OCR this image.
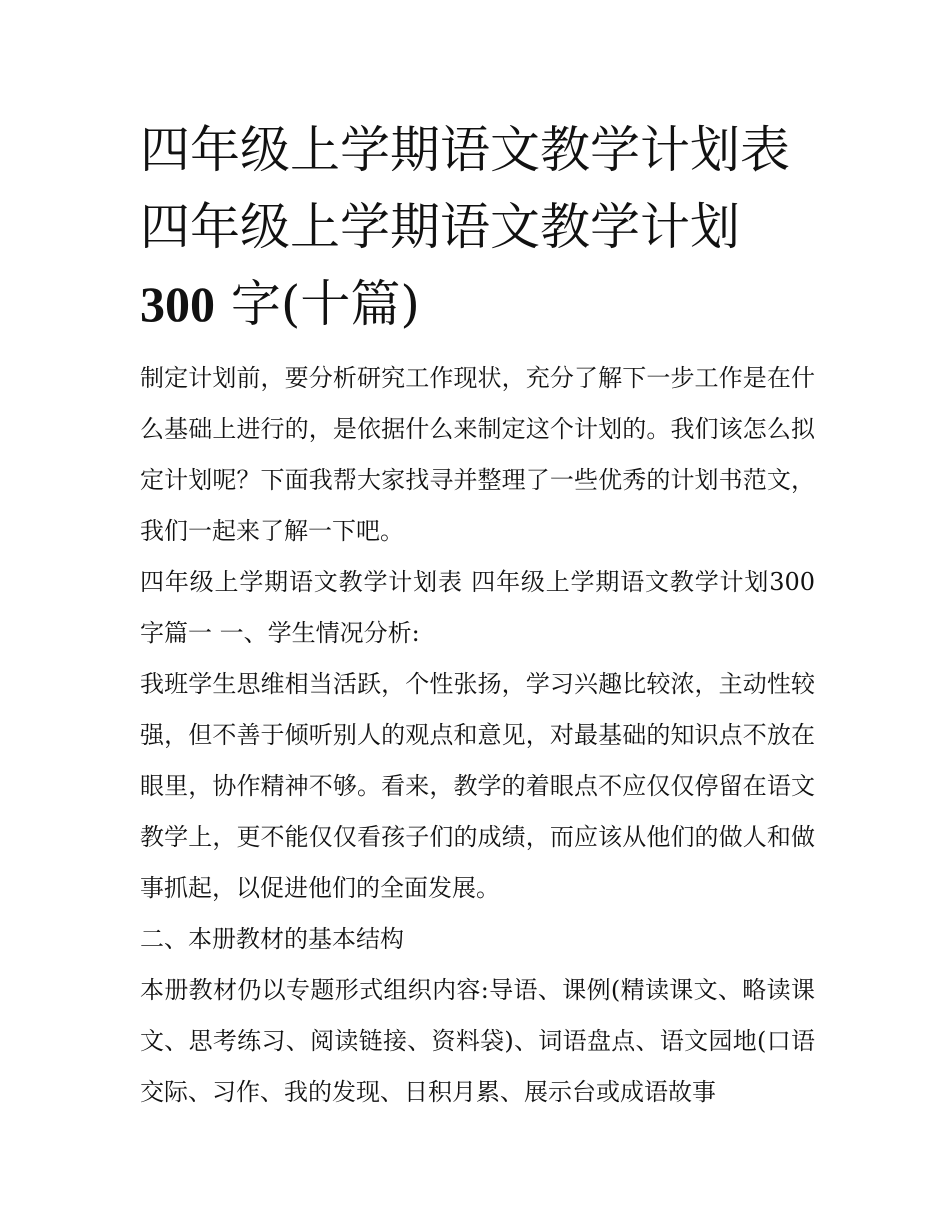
四年级上学期语文教学计划表
四年级上学期语文教学计划
300 字(十篇)

制定计划前，要分析研究工作现状，充分了解下一步工作是在什么基础上进行的，是依据什么来制定这个计划的。我们该怎么拟定计划呢？下面我帮大家找寻并整理了一些优秀的计划书范文，我们一起来了解一下吧。

四年级上学期语文教学计划表 四年级上学期语文教学计划300字篇一 一、学生情况分析:

我班学生思维相当活跃，个性张扬，学习兴趣比较浓，主动性较强，但不善于倾听别人的观点和意见，对最基础的知识点不放在眼里，协作精神不够。看来，教学的着眼点不应仅仅停留在语文教学上，更不能仅仅看孩子们的成绩，而应该从他们的做人和做事抓起，以促进他们的全面发展。

二、本册教材的基本结构

本册教材仍以专题形式组织内容:导语、课例(精读课文、略读课文、思考练习、阅读链接、资料袋)、词语盘点、语文园地(口语交际、习作、我的发现、日积月累、展示台或成语故事
